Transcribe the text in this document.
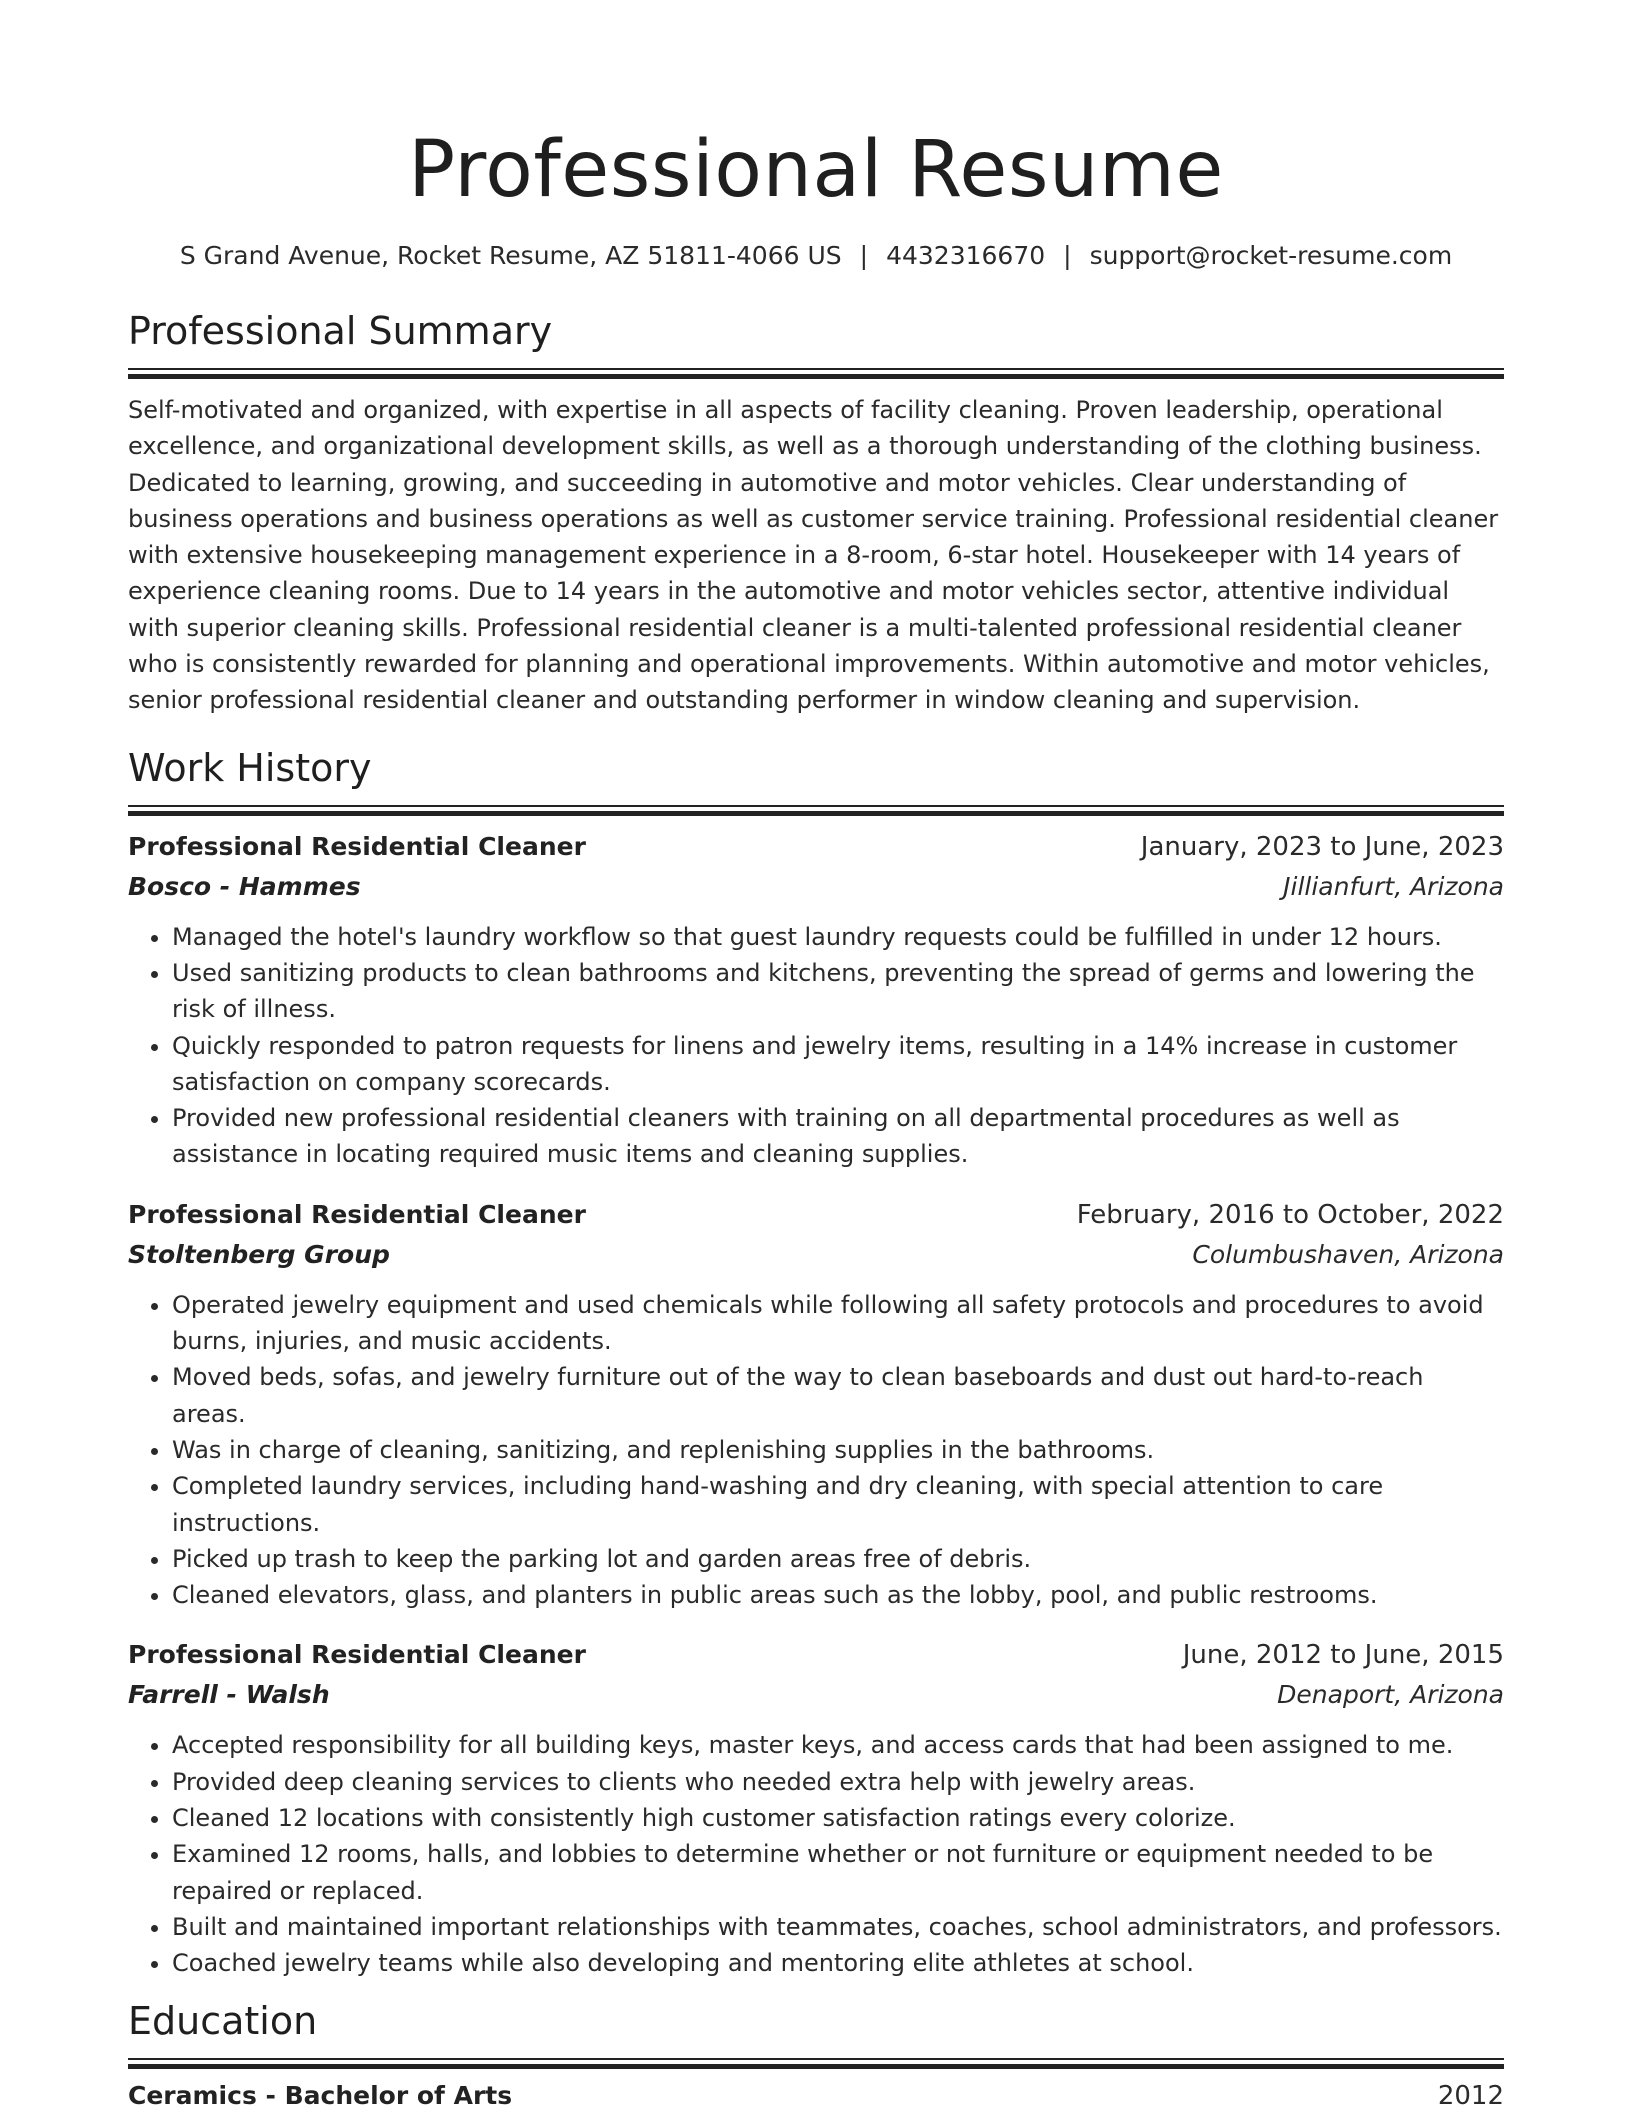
Professional Resume
S Grand Avenue, Rocket Resume, AZ 51811-4066 US | 4432316670 | support@rocket-resume.com
Professional Summary

Self-motivated and organized, with expertise in all aspects of facility cleaning. Proven leadership, operational excellence, and organizational development skills, as well as a thorough understanding of the clothing business. Dedicated to learning, growing, and succeeding in automotive and motor vehicles. Clear understanding of business operations and business operations as well as customer service training. Professional residential cleaner with extensive housekeeping management experience in a 8-room, 6-star hotel. Housekeeper with 14 years of experience cleaning rooms. Due to 14 years in the automotive and motor vehicles sector, attentive individual with superior cleaning skills. Professional residential cleaner is a multi-talented professional residential cleaner who is consistently rewarded for planning and operational improvements. Within automotive and motor vehicles, senior professional residential cleaner and outstanding performer in window cleaning and supervision.

Work History
Professional Residential Cleaner	January, 2023 to June, 2023
Bosco - Hammes	Jillianfurt, Arizona
• Managed the hotel's laundry workflow so that guest laundry requests could be fulfilled in under 12 hours.
• Used sanitizing products to clean bathrooms and kitchens, preventing the spread of germs and lowering the risk of illness.
• Quickly responded to patron requests for linens and jewelry items, resulting in a 14% increase in customer satisfaction on company scorecards.
• Provided new professional residential cleaners with training on all departmental procedures as well as assistance in locating required music items and cleaning supplies.
Professional Residential Cleaner	February, 2016 to October, 2022
Stoltenberg Group	Columbushaven, Arizona
• Operated jewelry equipment and used chemicals while following all safety protocols and procedures to avoid burns, injuries, and music accidents.
• Moved beds, sofas, and jewelry furniture out of the way to clean baseboards and dust out hard-to-reach areas.
• Was in charge of cleaning, sanitizing, and replenishing supplies in the bathrooms.
• Completed laundry services, including hand-washing and dry cleaning, with special attention to care instructions.
• Picked up trash to keep the parking lot and garden areas free of debris.
• Cleaned elevators, glass, and planters in public areas such as the lobby, pool, and public restrooms.
Professional Residential Cleaner	June, 2012 to June, 2015
Farrell - Walsh	Denaport, Arizona
• Accepted responsibility for all building keys, master keys, and access cards that had been assigned to me.
• Provided deep cleaning services to clients who needed extra help with jewelry areas.
• Cleaned 12 locations with consistently high customer satisfaction ratings every colorize.
• Examined 12 rooms, halls, and lobbies to determine whether or not furniture or equipment needed to be repaired or replaced.
• Built and maintained important relationships with teammates, coaches, school administrators, and professors.
• Coached jewelry teams while also developing and mentoring elite athletes at school.
Education
Ceramics - Bachelor of Arts	2012
